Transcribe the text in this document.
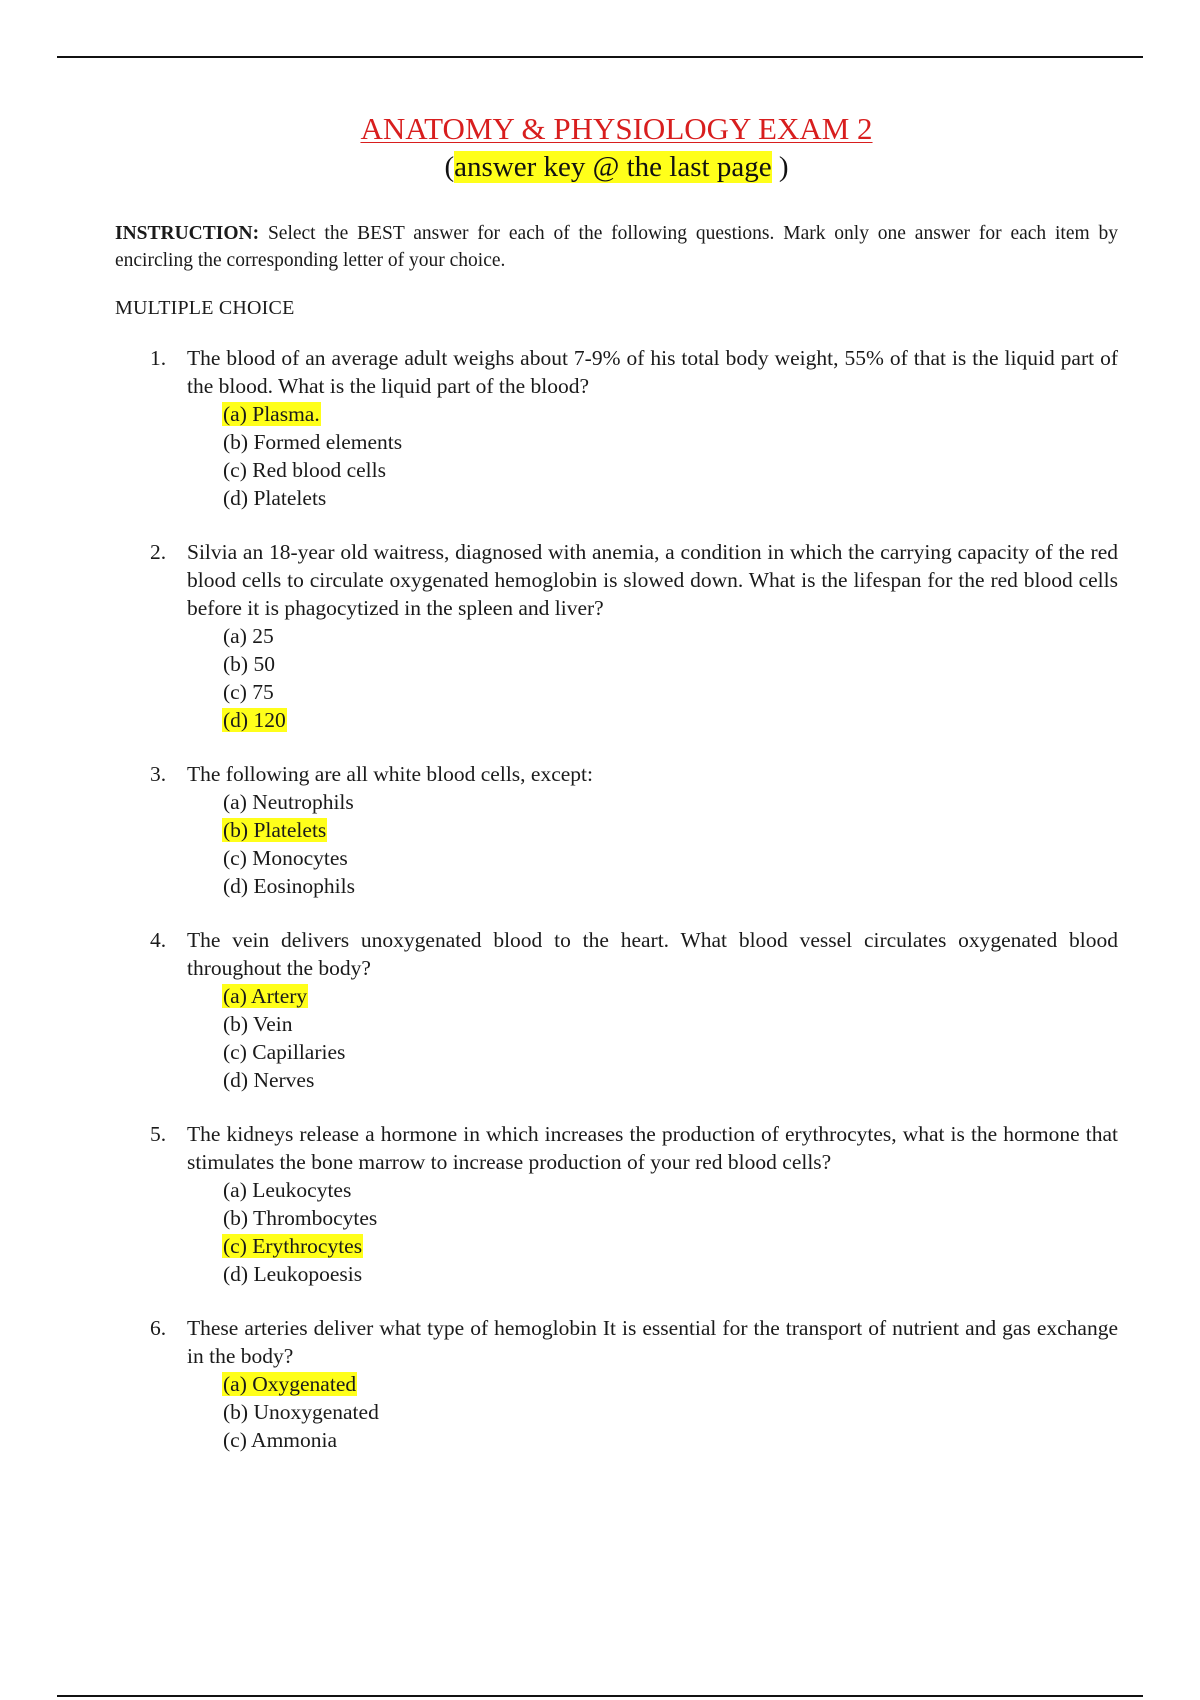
ANATOMY & PHYSIOLOGY EXAM 2
(answer key @ the last page )

INSTRUCTION: Select the BEST answer for each of the following questions. Mark only one answer for each item by encircling the corresponding letter of your choice.

MULTIPLE CHOICE
1. The blood of an average adult weighs about 7-9% of his total body weight, 55% of that is the liquid part of the blood. What is the liquid part of the blood?
(a) Plasma.
(b) Formed elements
(c) Red blood cells
(d) Platelets
2. Silvia an 18-year old waitress, diagnosed with anemia, a condition in which the carrying capacity of the red blood cells to circulate oxygenated hemoglobin is slowed down. What is the lifespan for the red blood cells before it is phagocytized in the spleen and liver?
(a) 25
(b) 50
(c) 75
(d) 120
3. The following are all white blood cells, except:
(a) Neutrophils
(b) Platelets
(c) Monocytes
(d) Eosinophils
4. The vein delivers unoxygenated blood to the heart. What blood vessel circulates oxygenated blood throughout the body?
(a) Artery
(b) Vein
(c) Capillaries
(d) Nerves
5. The kidneys release a hormone in which increases the production of erythrocytes, what is the hormone that stimulates the bone marrow to increase production of your red blood cells?
(a) Leukocytes
(b) Thrombocytes
(c) Erythrocytes
(d) Leukopoesis
6. These arteries deliver what type of hemoglobin It is essential for the transport of nutrient and gas exchange in the body?
(a) Oxygenated
(b) Unoxygenated
(c) Ammonia
